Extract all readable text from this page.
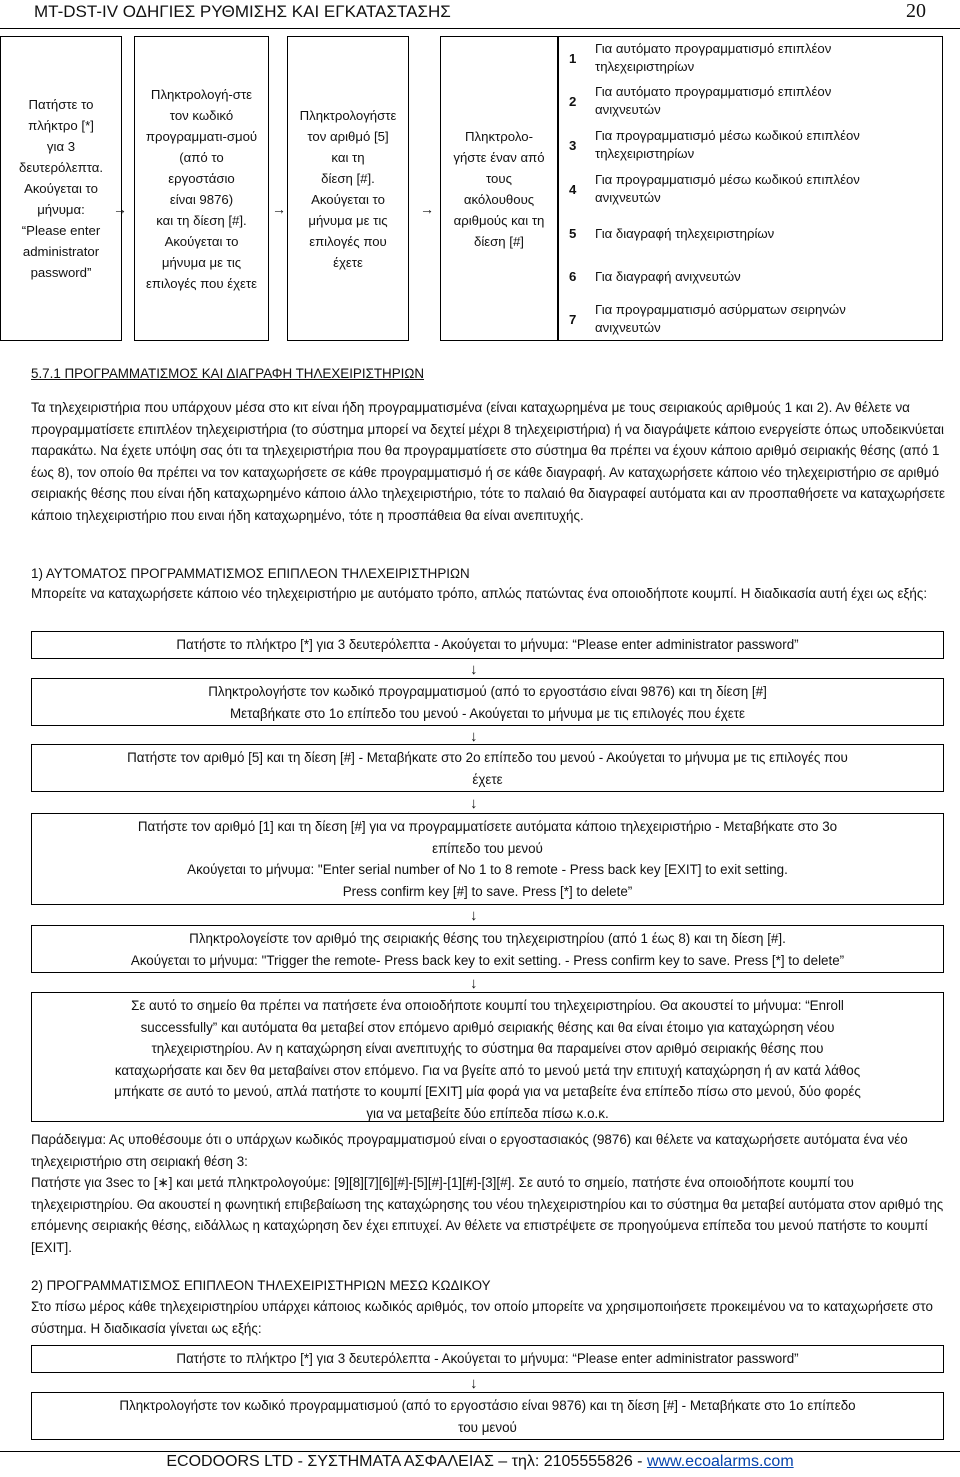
MT-DST-IV ΟΔΗΓΙΕΣ ΡΥΘΜΙΣΗΣ ΚΑΙ ΕΓΚΑΤΑΣΤΑΣΗΣ	20
Πατήστε το
πλήκτρο [*]
για 3
δευτερόλεπτα.
Ακούγεται το
μήνυμα:
“Please enter
administrator
password”
→
Πληκτρολογή-στε
τον κωδικό
προγραμματι-σμού
(από το
εργοστάσιο
είναι 9876)
και τη δίεση [#].
Ακούγεται το
μήνυμα με τις
επιλογές που έχετε
→
Πληκτρολογήστε
τον αριθμό [5]
και τη
δίεση [#].
Ακούγεται το
μήνυμα με τις
επιλογές που
έχετε
→
Πληκτρολο-
γήστε έναν από
τους
ακόλουθους
αριθμούς και τη
δίεση [#]
1
Για αυτόματο προγραμματισμό επιπλέον
τηλεχειριστηρίων
2
Για αυτόματο προγραμματισμό επιπλέον
ανιχνευτών
3
Για προγραμματισμό μέσω κωδικού επιπλέον
τηλεχειριστηρίων
4
Για προγραμματισμό μέσω κωδικού επιπλέον
ανιχνευτών
5 Για διαγραφή τηλεχειριστηρίων
6 Για διαγραφή ανιχνευτών
7
Για προγραμματισμό ασύρματων σειρηνών
ανιχνευτών
5.7.1 ΠΡΟΓΡΑΜΜΑΤΙΣΜΟΣ ΚΑΙ ΔΙΑΓΡΑΦΗ ΤΗΛΕΧΕΙΡΙΣΤΗΡΙΩΝ
Τα τηλεχειριστήρια που υπάρχουν μέσα στο κιτ είναι ήδη προγραμματισμένα (είναι καταχωρημένα με τους σειριακούς αριθμούς 1 και 2). Αν θέλετε να προγραμματίσετε επιπλέον τηλεχειριστήρια (το σύστημα μπορεί να δεχτεί μέχρι 8 τηλεχειριστήρια) ή να διαγράψετε κάποιο ενεργείστε όπως υποδεικνύεται παρακάτω. Να έχετε υπόψη σας ότι τα τηλεχειριστήρια που θα προγραμματίσετε στο σύστημα θα πρέπει να έχουν κάποιο αριθμό σειριακής θέσης (από 1 έως 8), τον οποίο θα πρέπει να τον καταχωρήσετε σε κάθε προγραμματισμό ή σε κάθε διαγραφή. Αν καταχωρήσετε κάποιο νέο τηλεχειριστήριο σε αριθμό σειριακής θέσης που είναι ήδη καταχωρημένο κάποιο άλλο τηλεχειριστήριο, τότε το παλαιό θα διαγραφεί αυτόματα και αν προσπαθήσετε να καταχωρήσετε κάποιο τηλεχειριστήριο που ειναι ήδη καταχωρημένο, τότε η προσπάθεια θα είναι ανεπιτυχής.
1) ΑΥΤΟΜΑΤΟΣ ΠΡΟΓΡΑΜΜΑΤΙΣΜΟΣ ΕΠΙΠΛΕΟΝ ΤΗΛΕΧΕΙΡΙΣΤΗΡΙΩΝ
Μπορείτε να καταχωρήσετε κάποιο νέο τηλεχειριστήριο με αυτόματο τρόπο, απλώς πατώντας ένα οποιοδήποτε κουμπί. Η διαδικασία αυτή έχει ως εξής:
Πατήστε το πλήκτρο [*] για 3 δευτερόλεπτα - Ακούγεται το μήνυμα: “Please enter administrator password”
↓
Πληκτρολογήστε τον κωδικό προγραμματισμού (από το εργοστάσιο είναι 9876) και τη δίεση [#]
Μεταβήκατε στο 1ο επίπεδο του μενού - Ακούγεται το μήνυμα με τις επιλογές που έχετε
↓
Πατήστε τον αριθμό [5] και τη δίεση [#] - Μεταβήκατε στο 2ο επίπεδο του μενού - Ακούγεται το μήνυμα με τις επιλογές που
έχετε
↓
Πατήστε τον αριθμό [1] και τη δίεση [#] για να προγραμματίσετε αυτόματα κάποιο τηλεχειριστήριο - Μεταβήκατε στο 3ο
επίπεδο του μενού
Ακούγεται το μήνυμα: "Enter serial number of No 1 to 8 remote - Press back key [EXIT] to exit setting.
Press confirm key [#] to save. Press [*] to delete”
↓
Πληκτρολογείστε τον αριθμό της σειριακής θέσης του τηλεχειριστηρίου (από 1 έως 8) και τη δίεση [#].
Ακούγεται το μήνυμα: "Trigger the remote- Press back key to exit setting. - Press confirm key to save. Press [*] to delete”
↓
Σε αυτό το σημείο θα πρέπει να πατήσετε ένα οποιοδήποτε κουμπί του τηλεχειριστηρίου. Θα ακουστεί το μήνυμα: “Enroll
successfully” και αυτόματα θα μεταβεί στον επόμενο αριθμό σειριακής θέσης και θα είναι έτοιμο για καταχώρηση νέου
τηλεχειριστηρίου. Αν η καταχώρηση είναι ανεπιτυχής το σύστημα θα παραμείνει στον αριθμό σειριακής θέσης που
καταχωρήσατε και δεν θα μεταβαίνει στον επόμενο. Για να βγείτε από το μενού μετά την επιτυχή καταχώρηση ή αν κατά λάθος
μπήκατε σε αυτό το μενού, απλά πατήστε το κουμπί [EXIT] μία φορά για να μεταβείτε ένα επίπεδο πίσω στο μενού, δύο φορές
για να μεταβείτε δύο επίπεδα πίσω κ.ο.κ.
Παράδειγμα: Ας υποθέσουμε ότι ο υπάρχων κωδικός προγραμματισμού είναι ο εργοστασιακός (9876) και θέλετε να καταχωρήσετε αυτόματα ένα νέο τηλεχειριστήριο στη σειριακή θέση 3:
Πατήστε για 3sec το [∗] και μετά πληκτρολογούμε: [9][8][7][6][#]-[5][#]-[1][#]-[3][#]. Σε αυτό το σημείο, πατήστε ένα οποιοδήποτε κουμπί του τηλεχειριστηρίου. Θα ακουστεί η φωνητική επιβεβαίωση της καταχώρησης του νέου τηλεχειριστηρίου και το σύστημα θα μεταβεί αυτόματα στον αριθμό της επόμενης σειριακής θέσης, ειδάλλως η καταχώρηση δεν έχει επιτυχεί. Αν θέλετε να επιστρέψετε σε προηγούμενα επίπεδα του μενού πατήστε το κουμπί [EXIT].
2) ΠΡΟΓΡΑΜΜΑΤΙΣΜΟΣ ΕΠΙΠΛΕΟΝ ΤΗΛΕΧΕΙΡΙΣΤΗΡΙΩΝ ΜΕΣΩ ΚΩΔΙΚΟΥ
Στο πίσω μέρος κάθε τηλεχειριστηρίου υπάρχει κάποιος κωδικός αριθμός, τον οποίο μπορείτε να χρησιμοποιήσετε προκειμένου να το καταχωρήσετε στο σύστημα. Η διαδικασία γίνεται ως εξής:
Πατήστε το πλήκτρο [*] για 3 δευτερόλεπτα - Ακούγεται το μήνυμα: “Please enter administrator password”
↓
Πληκτρολογήστε τον κωδικό προγραμματισμού (από το εργοστάσιο είναι 9876) και τη δίεση [#] - Μεταβήκατε στο 1ο επίπεδο
του μενού
ECODOORS LTD - ΣΥΣΤΗΜΑΤΑ ΑΣΦΑΛΕΙΑΣ – τηλ: 2105555826 - www.ecoalarms.com
